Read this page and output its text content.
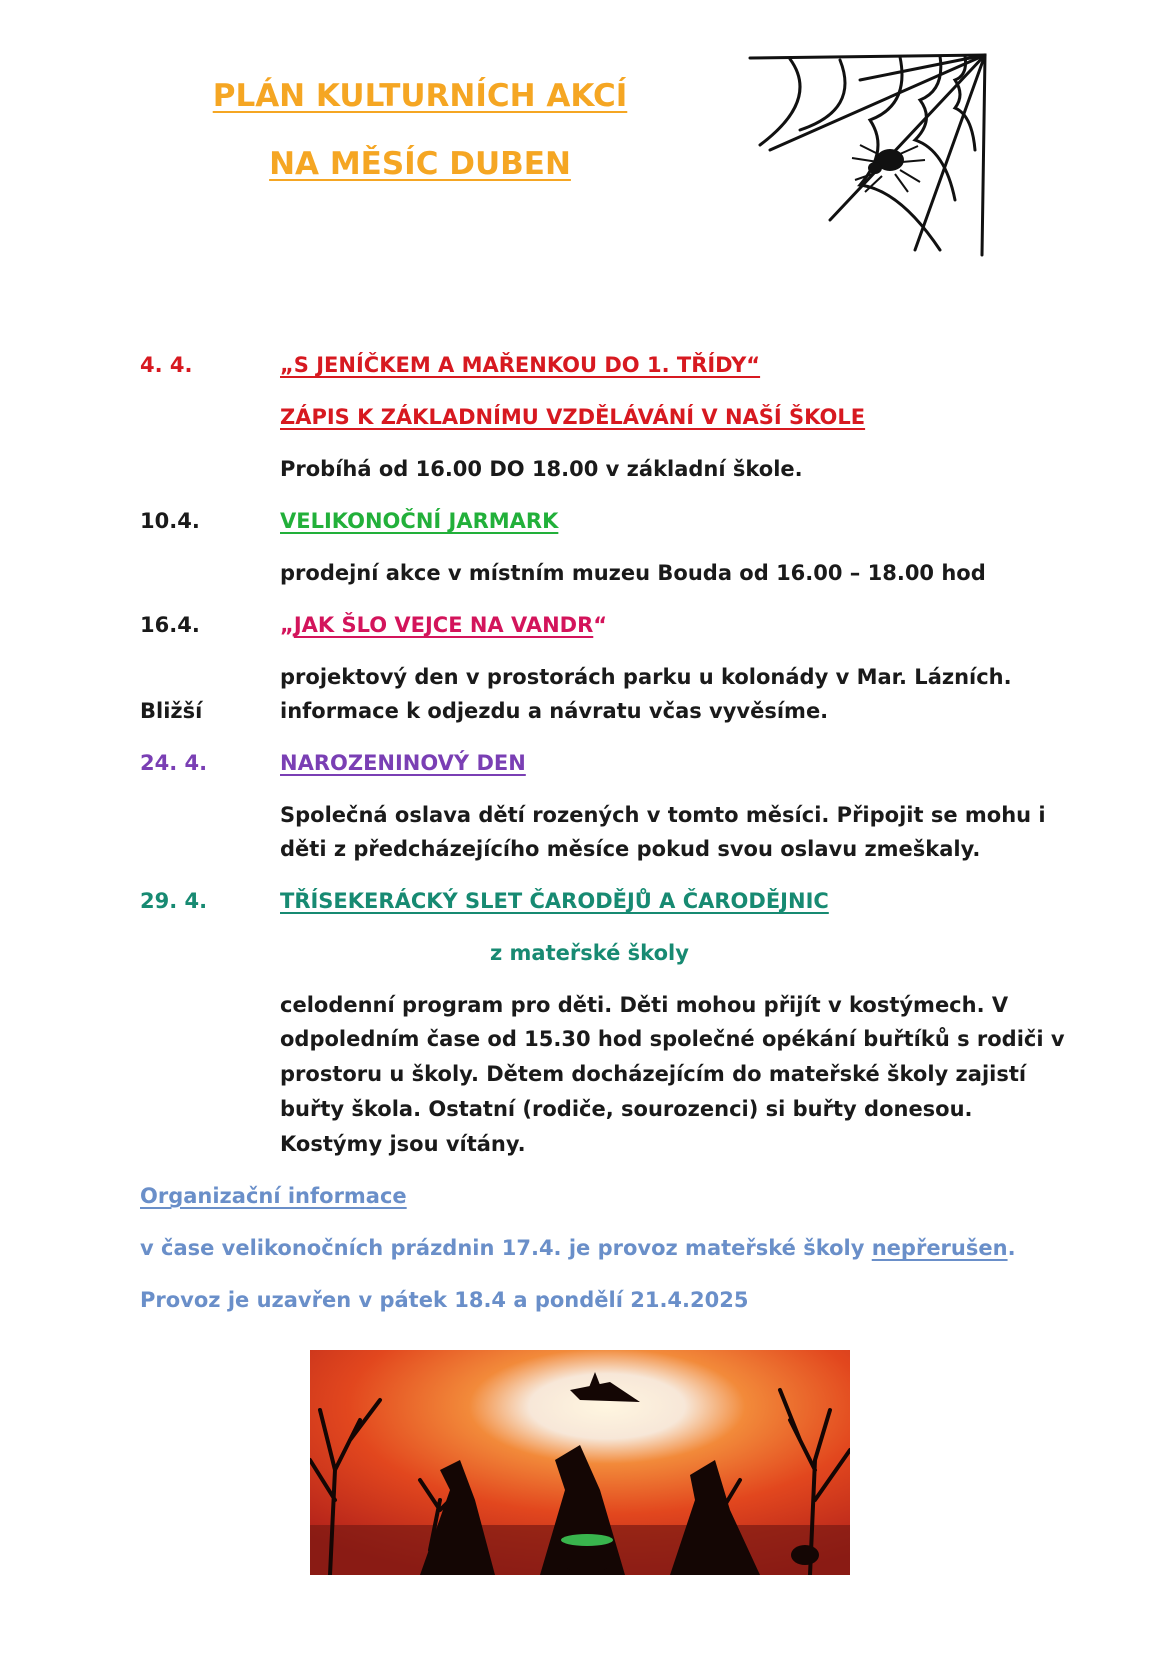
PLÁN KULTURNÍCH AKCÍ
NA MĚSÍC DUBEN
4. 4.	„S JENÍČKEM A MAŘENKOU DO 1. TŘÍDY“
ZÁPIS K ZÁKLADNÍMU VZDĚLÁVÁNÍ V NAŠÍ ŠKOLE
Probíhá od 16.00 DO 18.00 v základní škole.
10.4.	VELIKONOČNÍ JARMARK
prodejní akce v místním muzeu Bouda od 16.00 – 18.00 hod
16.4.	„JAK ŠLO VEJCE NA VANDR“
projektový den v prostorách parku u kolonády v Mar. Lázních.
Bližší	informace k odjezdu a návratu včas vyvěsíme.
24. 4.	NAROZENINOVÝ DEN
Společná oslava dětí rozených v tomto měsíci. Připojit se mohu i
děti z předcházejícího měsíce pokud svou oslavu zmeškaly.
29. 4.	TŘÍSEKERÁCKÝ SLET ČARODĚJŮ A ČARODĚJNIC
z mateřské školy
celodenní program pro děti. Děti mohou přijít v kostýmech. V
odpoledním čase od 15.30 hod společné opékání buřtíků s rodiči v
prostoru u školy. Dětem docházejícím do mateřské školy zajistí
buřty škola. Ostatní (rodiče, sourozenci) si buřty donesou.
Kostýmy jsou vítány.
Organizační informace
v čase velikonočních prázdnin 17.4. je provoz mateřské školy nepřerušen.
Provoz je uzavřen v pátek 18.4 a pondělí 21.4.2025
